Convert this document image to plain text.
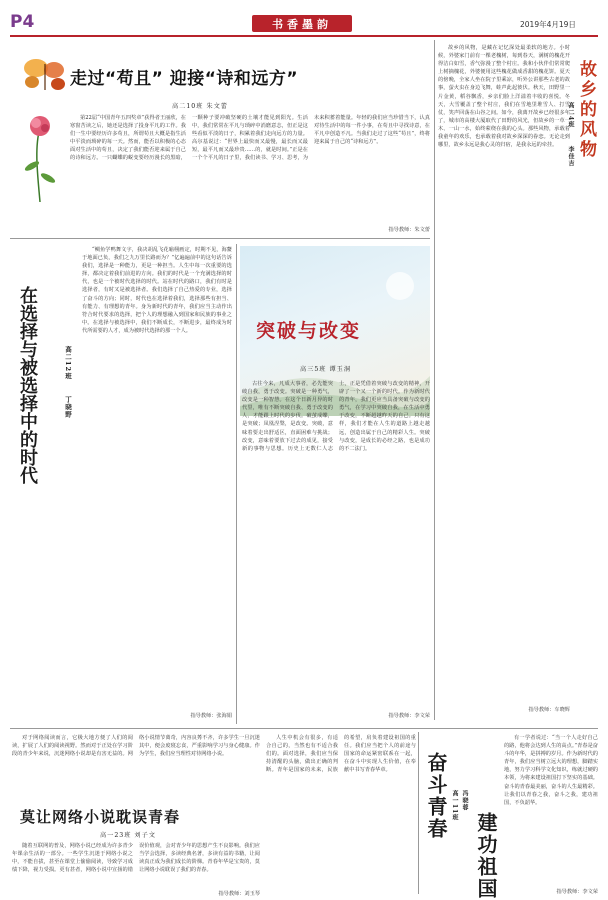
P4	书香墨韵	2019年4月19日
走过“苟且” 迎接“诗和远方”
高二10班 朱文蕾
第22届“中国青年五四奖章”获得者王丽欣，在寒窗苦读之后，她还是选择了投身平凡的工作。我们一生中要经历许多苟且，所谓苟且大概是指生活中平淡而琐碎的每一天。然而，能否以积极的心态面对生活中的苟且，决定了我们能否迎来属于自己的诗和远方。一只蝴蝶的蜕变要经历漫长的黑暗，一颗种子要冲破坚硬的土壤才能见到阳光。生活中，我们常常在平凡与琐碎中消磨意志，但正是这些看似平淡的日子，积累着我们走向远方的力量。高尔基说过：“世界上最快而又最慢，最长而又最短，最平凡而又最珍贵……的，就是时间。”正是在一个个平凡的日子里，我们读书、学习、思考，为未来积蓄着能量。年轻的我们应当珍惜当下，认真对待生活中的每一件小事，在苟且中寻找诗意，在平凡中创造不凡。当我们走过了这些“苟且”，终将迎来属于自己的“诗和远方”。
指导教师：朱文蕾
在选择与被选择中的时代	高二12班
丁晓野
“鲷鱼学鸭舞文字，我决胡乱飞花喻栩画定，时期不见，海鳌于地面已负，我们之九万里长路而为？”亿遍遍前中的这句话告诉我们，选择是一种能力，更是一种担当。人生中每一次重要的选择，都决定着我们前进的方向。我们的时代是一个充满选择的时代，也是一个被时代选择的时代。站在时代的路口，我们有时是选择者，有时又是被选择者。我们选择了自己热爱的专业，选择了奋斗的方向；同时，时代也在选择着我们，选择那些有担当、有能力、有理想的青年。身为新时代的青年，我们应当主动作出符合时代要求的选择，把个人的理想融入到国家和民族的事业之中。在选择与被选择中，我们不断成长，不断进步，最终成为时代所需要的人才，成为被时代选择的那一个人。
指导教师：张海娟
突破与改变
高三5班 谭玉洞
古往今来，凡成大事者，必先能突破自我，勇于改变。突破是一种勇气，改变是一种智慧。在这个日新月异的时代里，唯有不断突破自我、勇于改变的人，才能跟上时代的步伐。破茧成蝶，是突破；凤凰涅槃，是改变。突破，意味着要走出舒适区，直面困难与挑战；改变，意味着要放下过去的成见，接受新的事物与思想。历史上无数仁人志士，正是凭借着突破与改变的精神，开辟了一个又一个新的时代。作为新时代的青年，我们更应当具备突破与改变的勇气，在学习中突破自我，在生活中勇于改变，不断超越昨天的自己。只有这样，我们才能在人生的道路上越走越远，创造出属于自己的精彩人生。突破与改变，是成长的必经之路，也是成功的不二法门。
指导教师：李文荣
故乡的风物，是藏在记忆深处最柔软的地方。小时候，外婆家门前有一棵老槐树，每到春天，满树的槐花开得洁白如雪，香气弥漫了整个村庄。我和小伙伴们常常爬上树摘槐花，外婆便用这些槐花做成香甜的槐花饼。夏天的傍晚，全家人坐在院子里乘凉，听外公讲那些古老的故事，萤火虫在身边飞舞，蛙声此起彼伏。秋天，田野里一片金黄，稻谷飘香，乡亲们脸上洋溢着丰收的喜悦。冬天，大雪覆盖了整个村庄，我们在雪地里堆雪人、打雪仗，笑声回荡在山谷之间。如今，我离开故乡已经很多年了，城市的高楼大厦取代了田野的风光，但故乡的一草一木、一山一水，始终萦绕在我的心头。那些风物，承载着我童年的欢乐，也承载着我对故乡深深的眷恋。无论走到哪里，故乡永远是我心灵的归宿，是我永远的牵挂。	故乡的风物
高二4班
李佳吉
指导教师：车晓辉
对于网络阅读而言，它极大地方便了人们的阅读，扩展了人们的阅读视野。然而对于正处在学习阶段的青少年来说，沉迷网络小说却是有害无益的。网络小说情节离奇，内容良莠不齐，许多学生一旦沉迷其中，便会废寝忘食，严重影响学习与身心健康。作为学生，我们应当理性对待网络小说。
莫让网络小说耽误青春
高一23班 刘子文
随着互联网的普及，网络小说已经成为许多青少年课余生活的一部分。一些学生沉迷于网络小说之中，不能自拔，甚至在课堂上偷偷阅读，导致学习成绩下降，视力受损。更有甚者，网络小说中宣扬的错误价值观，会对青少年的思想产生不良影响。我们应当学会选择，多读经典名著，多读有益的书籍，让阅读真正成为我们成长的阶梯。青春年华是宝贵的，莫让网络小说耽误了我们的青春。
指导教师：刘玉琴
人生中机会有很多，有适合自己的，当然也有不适合我们的。面对选择，我们应当保持清醒的头脑，做出正确的判断。青年是国家的未来，民族的希望，肩负着建设祖国的重任。我们应当把个人的前途与国家的命运紧密联系在一起，在奋斗中实现人生价值，在奉献中书写青春华章。	奋斗青春 高一11班 冯晓蓉
建功祖国
有一学者说过：“当一个人走好自己的路，他将会达到人生的高点。”青春是奋斗的年华，是拼搏的岁月。作为新时代的青年，我们应当树立远大的理想，脚踏实地，努力学习科学文化知识，练就过硬的本领，为将来建设祖国打下坚实的基础。奋斗的青春最美丽，奋斗的人生最精彩。让我们以青春之我，奋斗之我，建功祖国，不负韶华。
指导教师：李文荣
